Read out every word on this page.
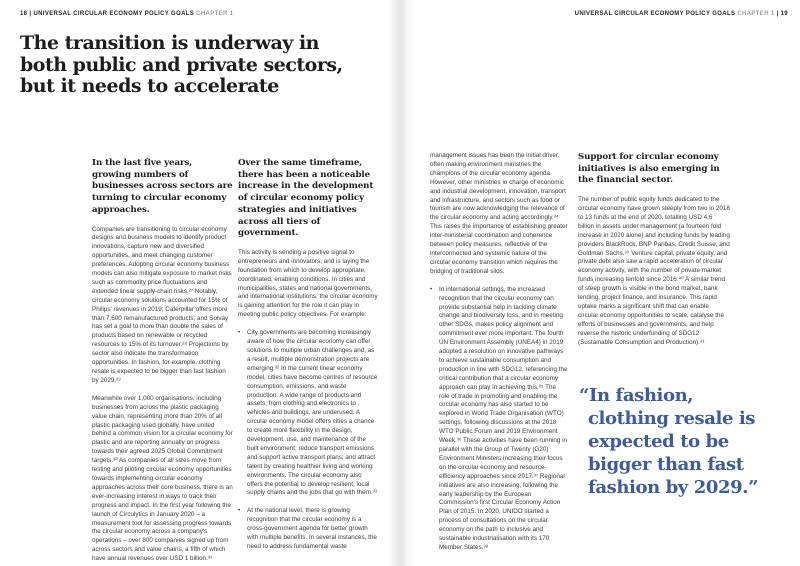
18 | UNIVERSAL CIRCULAR ECONOMY POLICY GOALS CHAPTER 1	UNIVERSAL CIRCULAR ECONOMY POLICY GOALS CHAPTER 1 | 19
The transition is underway in
both public and private sectors,
but it needs to accelerate

In the last five years, growing numbers of businesses across sectors are turning to circular economy approaches.

Companies are transitioning to circular economy designs and business models to identify product innovations, capture new and diversified opportunities, and meet changing customer preferences. Adopting circular economy business models can also mitigate exposure to market risks such as commodity price fluctuations and extended linear supply-chain risks.²⁷ Notably, circular economy solutions accounted for 15% of Philips' revenues in 2019; Caterpillar offers more than 7,600 remanufactured products; and Solvay has set a goal to more than double the sales of products based on renewable or recycled resources to 15% of its turnover.²⁸ Projections by sector also indicate the transformation opportunities. In fashion, for example, clothing resale is expected to be bigger than fast fashion by 2029.²⁹

Meanwhile over 1,000 organisations, including businesses from across the plastic packaging value chain, representing more than 20% of all plastic packaging used globally, have united behind a common vision for a circular economy for plastic and are reporting annually on progress towards their agreed 2025 Global Commitment targets.³⁰ As companies of all sizes move from testing and piloting circular economy opportunities towards implementing circular economy approaches across their core business, there is an ever-increasing interest in ways to track their progress and impact. In the first year following the launch of Circulytics in January 2020 – a measurement tool for assessing progress towards the circular economy across a company's operations – over 800 companies signed up from across sectors and value chains, a fifth of which have annual revenues over USD 1 billion.³¹

Over the same timeframe, there has been a noticeable increase in the development of circular economy policy strategies and initiatives across all tiers of government.

This activity is sending a positive signal to entrepreneurs and innovators, and is laying the foundation from which to develop appropriate, coordinated, enabling conditions. In cities and municipalities, states and national governments, and international institutions, the circular economy is gaining attention for the role it can play in meeting public policy objectives. For example:

•	City governments are becoming increasingly aware of how the circular economy can offer solutions to multiple urban challenges and, as a result, multiple demonstration projects are emerging.³² In the current linear economy model, cities have become centres of resource consumption, emissions, and waste production. A wide range of products and assets, from clothing and electronics to vehicles and buildings, are underused. A circular economy model offers cities a chance to create more flexibility in the design, development, use, and maintenance of the built environment; reduce transport emissions and support active transport plans; and attract talent by creating healthier living and working environments. The circular economy also offers the potential to develop resilient, local supply chains and the jobs that go with them.³³
•	At the national level, there is growing recognition that the circular economy is a cross-government agenda for better growth with multiple benefits. In several instances, the need to address fundamental waste

management issues has been the initial driver, often making environment ministries the champions of the circular economy agenda. However, other ministries in charge of economic and industrial development, innovation, transport and infrastructure, and sectors such as food or tourism are now acknowledging the relevance of the circular economy and acting accordingly.³⁴ This raises the importance of establishing greater inter-ministerial coordination and coherence between policy measures, reflective of the interconnected and systemic nature of the circular economy transition which requires the bridging of traditional silos.

•	In international settings, the increased recognition that the circular economy can provide substantial help in tackling climate change and biodiversity loss, and in meeting other SDGs, makes policy alignment and commitment ever more important. The fourth UN Environment Assembly (UNEA4) in 2019 adopted a resolution on innovative pathways to achieve sustainable consumption and production in line with SDG12, referencing the critical contribution that a circular economy approach can play in achieving this.³⁵ The role of trade in promoting and enabling the circular economy has also started to be explored in World Trade Organisation (WTO) settings, following discussions at the 2018 WTO Public Forum and 2019 Environment Week.³⁶ These activities have been running in parallel with the Group of Twenty (G20) Environment Ministers increasing their focus on the circular economy and resource-efficiency approaches since 2017.³⁷ Regional initiatives are also increasing, following the early leadership by the European Commission's first Circular Economy Action Plan of 2015. In 2020, UNIDO started a process of consultations on the circular economy on the path to inclusive and sustainable industrialisation with its 170 Member States.³⁸

Support for circular economy initiatives is also emerging in the financial sector.

The number of public equity funds dedicated to the circular economy have grown steeply from two in 2018 to 13 funds at the end of 2020, totalling USD 4.6 billion in assets under management (a fourteen fold increase in 2020 alone) and including funds by leading providers BlackRock, BNP Paribas, Credit Suisse, and Goldman Sachs.³⁹ Venture capital, private equity, and private debt also saw a rapid acceleration of circular economy activity, with the number of private market funds increasing tenfold since 2016.⁴⁰ A similar trend of steep growth is visible in the bond market, bank lending, project finance, and insurance. This rapid uptake marks a significant shift that can enable circular economy opportunities to scale, catalyse the efforts of businesses and governments, and help reverse the historic underfunding of SDG12 (Sustainable Consumption and Production).⁴¹

“In fashion, clothing resale is expected to be bigger than fast fashion by 2029.”
